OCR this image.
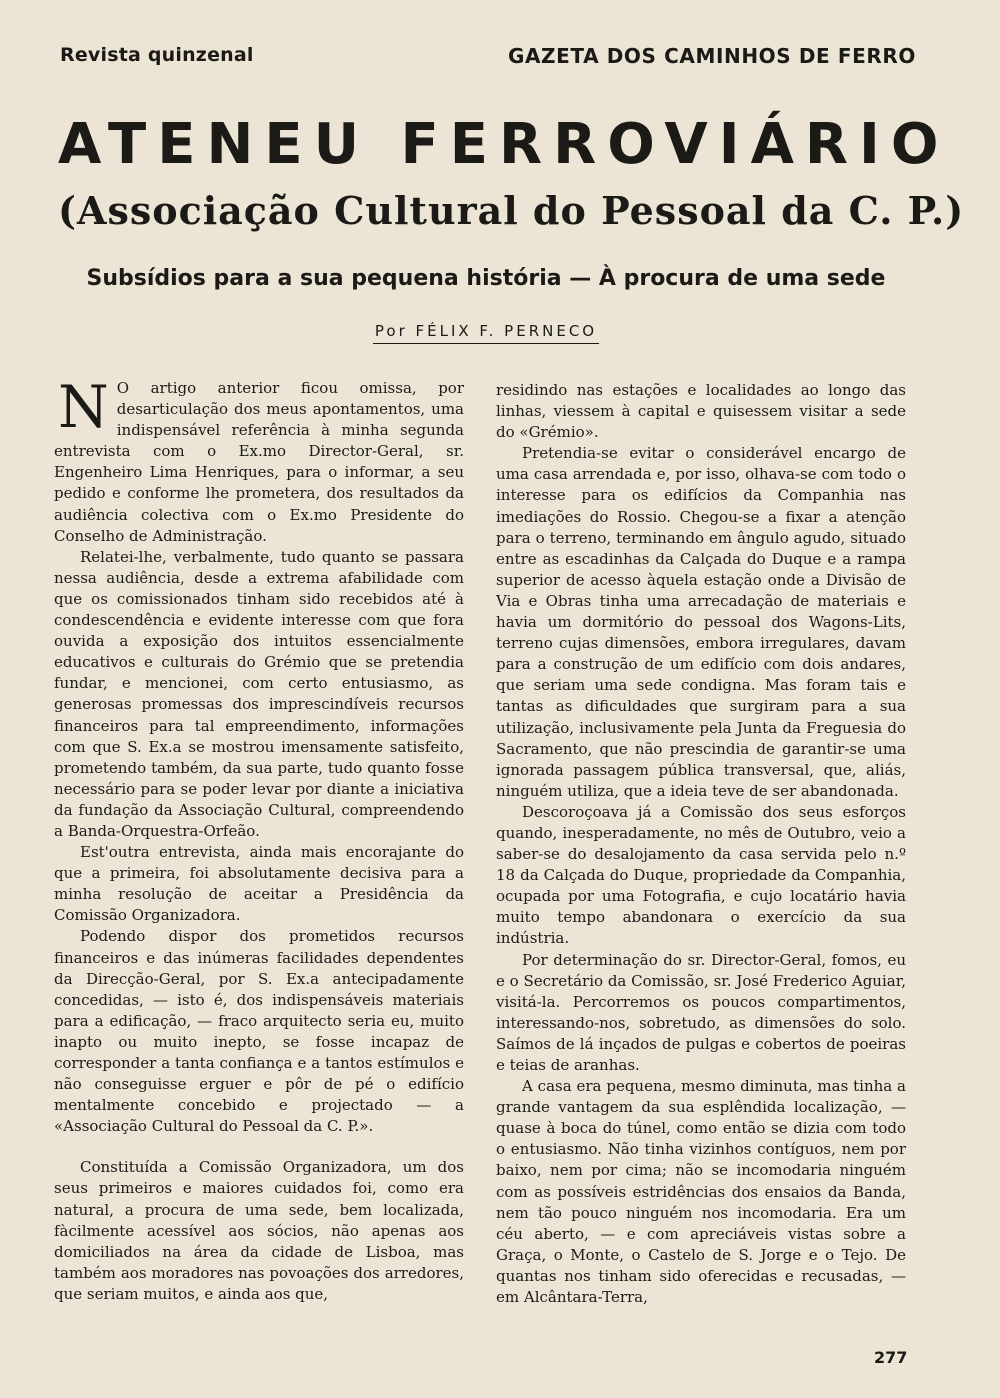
Revista quinzenal	GAZETA DOS CAMINHOS DE FERRO
ATENEU FERROVIÁRIO
(Associação Cultural do Pessoal da C. P.)
Subsídios para a sua pequena história — À procura de uma sede
Por FÉLIX F. PERNECO

N O artigo anterior ficou omissa, por desarticulação dos meus apontamentos, uma indispensável referência à minha segunda entrevista com o Ex.mo Director-Geral, sr. Engenheiro Lima Henriques, para o informar, a seu pedido e conforme lhe prometera, dos resultados da audiência colectiva com o Ex.mo Presidente do Conselho de Administração.

Relatei-lhe, verbalmente, tudo quanto se passara nessa audiência, desde a extrema afabilidade com que os comissionados tinham sido recebidos até à condescendência e evidente interesse com que fora ouvida a exposição dos intuitos essencialmente educativos e culturais do Grémio que se pretendia fundar, e mencionei, com certo entusiasmo, as generosas promessas dos imprescindíveis recursos financeiros para tal empreendimento, informações com que S. Ex.a se mostrou imensamente satisfeito, prometendo também, da sua parte, tudo quanto fosse necessário para se poder levar por diante a iniciativa da fundação da Associação Cultural, compreendendo a Banda-Orquestra-Orfeão.

Est'outra entrevista, ainda mais encorajante do que a primeira, foi absolutamente decisiva para a minha resolução de aceitar a Presidência da Comissão Organizadora.

Podendo dispor dos prometidos recursos financeiros e das inúmeras facilidades dependentes da Direcção-Geral, por S. Ex.a antecipadamente concedidas, — isto é, dos indispensáveis materiais para a edificação, — fraco arquitecto seria eu, muito inapto ou muito inepto, se fosse incapaz de corresponder a tanta confiança e a tantos estímulos e não conseguisse erguer e pôr de pé o edifício mentalmente concebido e projectado — a «Associação Cultural do Pessoal da C. P.».

Constituída a Comissão Organizadora, um dos seus primeiros e maiores cuidados foi, como era natural, a procura de uma sede, bem localizada, fàcilmente acessível aos sócios, não apenas aos domiciliados na área da cidade de Lisboa, mas também aos moradores nas povoações dos arredores, que seriam muitos, e ainda aos que,

residindo nas estações e localidades ao longo das linhas, viessem à capital e quisessem visitar a sede do «Grémio».

Pretendia-se evitar o considerável encargo de uma casa arrendada e, por isso, olhava-se com todo o interesse para os edifícios da Companhia nas imediações do Rossio. Chegou-se a fixar a atenção para o terreno, terminando em ângulo agudo, situado entre as escadinhas da Calçada do Duque e a rampa superior de acesso àquela estação onde a Divisão de Via e Obras tinha uma arrecadação de materiais e havia um dormitório do pessoal dos Wagons-Lits, terreno cujas dimensões, embora irregulares, davam para a construção de um edifício com dois andares, que seriam uma sede condigna. Mas foram tais e tantas as dificuldades que surgiram para a sua utilização, inclusivamente pela Junta da Freguesia do Sacramento, que não prescindia de garantir-se uma ignorada passagem pública transversal, que, aliás, ninguém utiliza, que a ideia teve de ser abandonada.

Descoroçoava já a Comissão dos seus esforços quando, inesperadamente, no mês de Outubro, veio a saber-se do desalojamento da casa servida pelo n.º 18 da Calçada do Duque, propriedade da Companhia, ocupada por uma Fotografia, e cujo locatário havia muito tempo abandonara o exercício da sua indústria.

Por determinação do sr. Director-Geral, fomos, eu e o Secretário da Comissão, sr. José Frederico Aguiar, visitá-la. Percorremos os poucos compartimentos, interessando-nos, sobretudo, as dimensões do solo. Saímos de lá inçados de pulgas e cobertos de poeiras e teias de aranhas.

A casa era pequena, mesmo diminuta, mas tinha a grande vantagem da sua esplêndida localização, — quase à boca do túnel, como então se dizia com todo o entusiasmo. Não tinha vizinhos contíguos, nem por baixo, nem por cima; não se incomodaria ninguém com as possíveis estridências dos ensaios da Banda, nem tão pouco ninguém nos incomodaria. Era um céu aberto, — e com apreciáveis vistas sobre a Graça, o Monte, o Castelo de S. Jorge e o Tejo. De quantas nos tinham sido oferecidas e recusadas, — em Alcântara-Terra,

277
